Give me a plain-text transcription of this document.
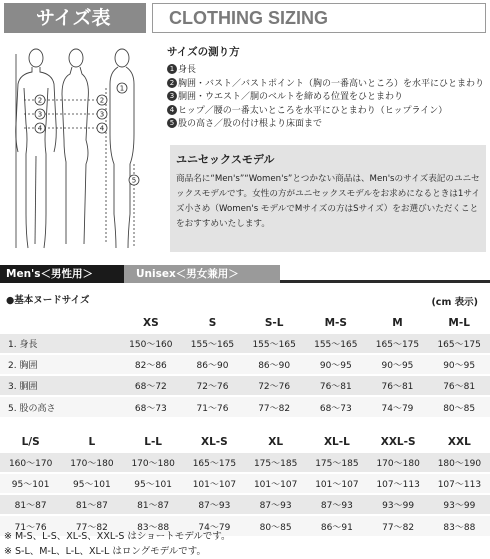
サイズ表	CLOTHING SIZING
1
2	2
3	3
4	4
5
サイズの測り方
1 身長
2 胸囲・バスト／バストポイント（胸の一番高いところ）を水平にひとまわり
3 胴囲・ウエスト／胴のベルトを締める位置をひとまわり
4 ヒップ／腰の一番太いところを水平にひとまわり（ヒップライン）
5 股の高さ／股の付け根より床面まで
ユニセックスモデル
商品名に“Men's”“Women's”とつかない商品は、Men'sのサイズ表記のユニセックスモデルです。女性の方がユニセックスモデルをお求めになるときは1サイズ小さめ（Women's モデルでMサイズの方はSサイズ）をお選びいただくことをおすすめいたします。
Men's＜男性用＞	Unisex＜男女兼用＞
●基本ヌードサイズ	(cm 表示)
	XS	S	S-L	M-S	M	M-L
1. 身長	150〜160	155〜165	155〜165	155〜165	165〜175	165〜175
2. 胸囲	82〜86	86〜90	86〜90	90〜95	90〜95	90〜95
3. 胴囲	68〜72	72〜76	72〜76	76〜81	76〜81	76〜81
5. 股の高さ	68〜73	71〜76	77〜82	68〜73	74〜79	80〜85
L/S	L	L-L	XL-S	XL	XL-L	XXL-S	XXL
160〜170	170〜180	170〜180	165〜175	175〜185	175〜185	170〜180	180〜190
95〜101	95〜101	95〜101	101〜107	101〜107	101〜107	107〜113	107〜113
81〜87	81〜87	81〜87	87〜93	87〜93	87〜93	93〜99	93〜99
71〜76	77〜82	83〜88	74〜79	80〜85	86〜91	77〜82	83〜88
※ M-S、L-S、XL-S、XXL-S はショートモデルです。
※ S-L、M-L、L-L、XL-L はロングモデルです。
